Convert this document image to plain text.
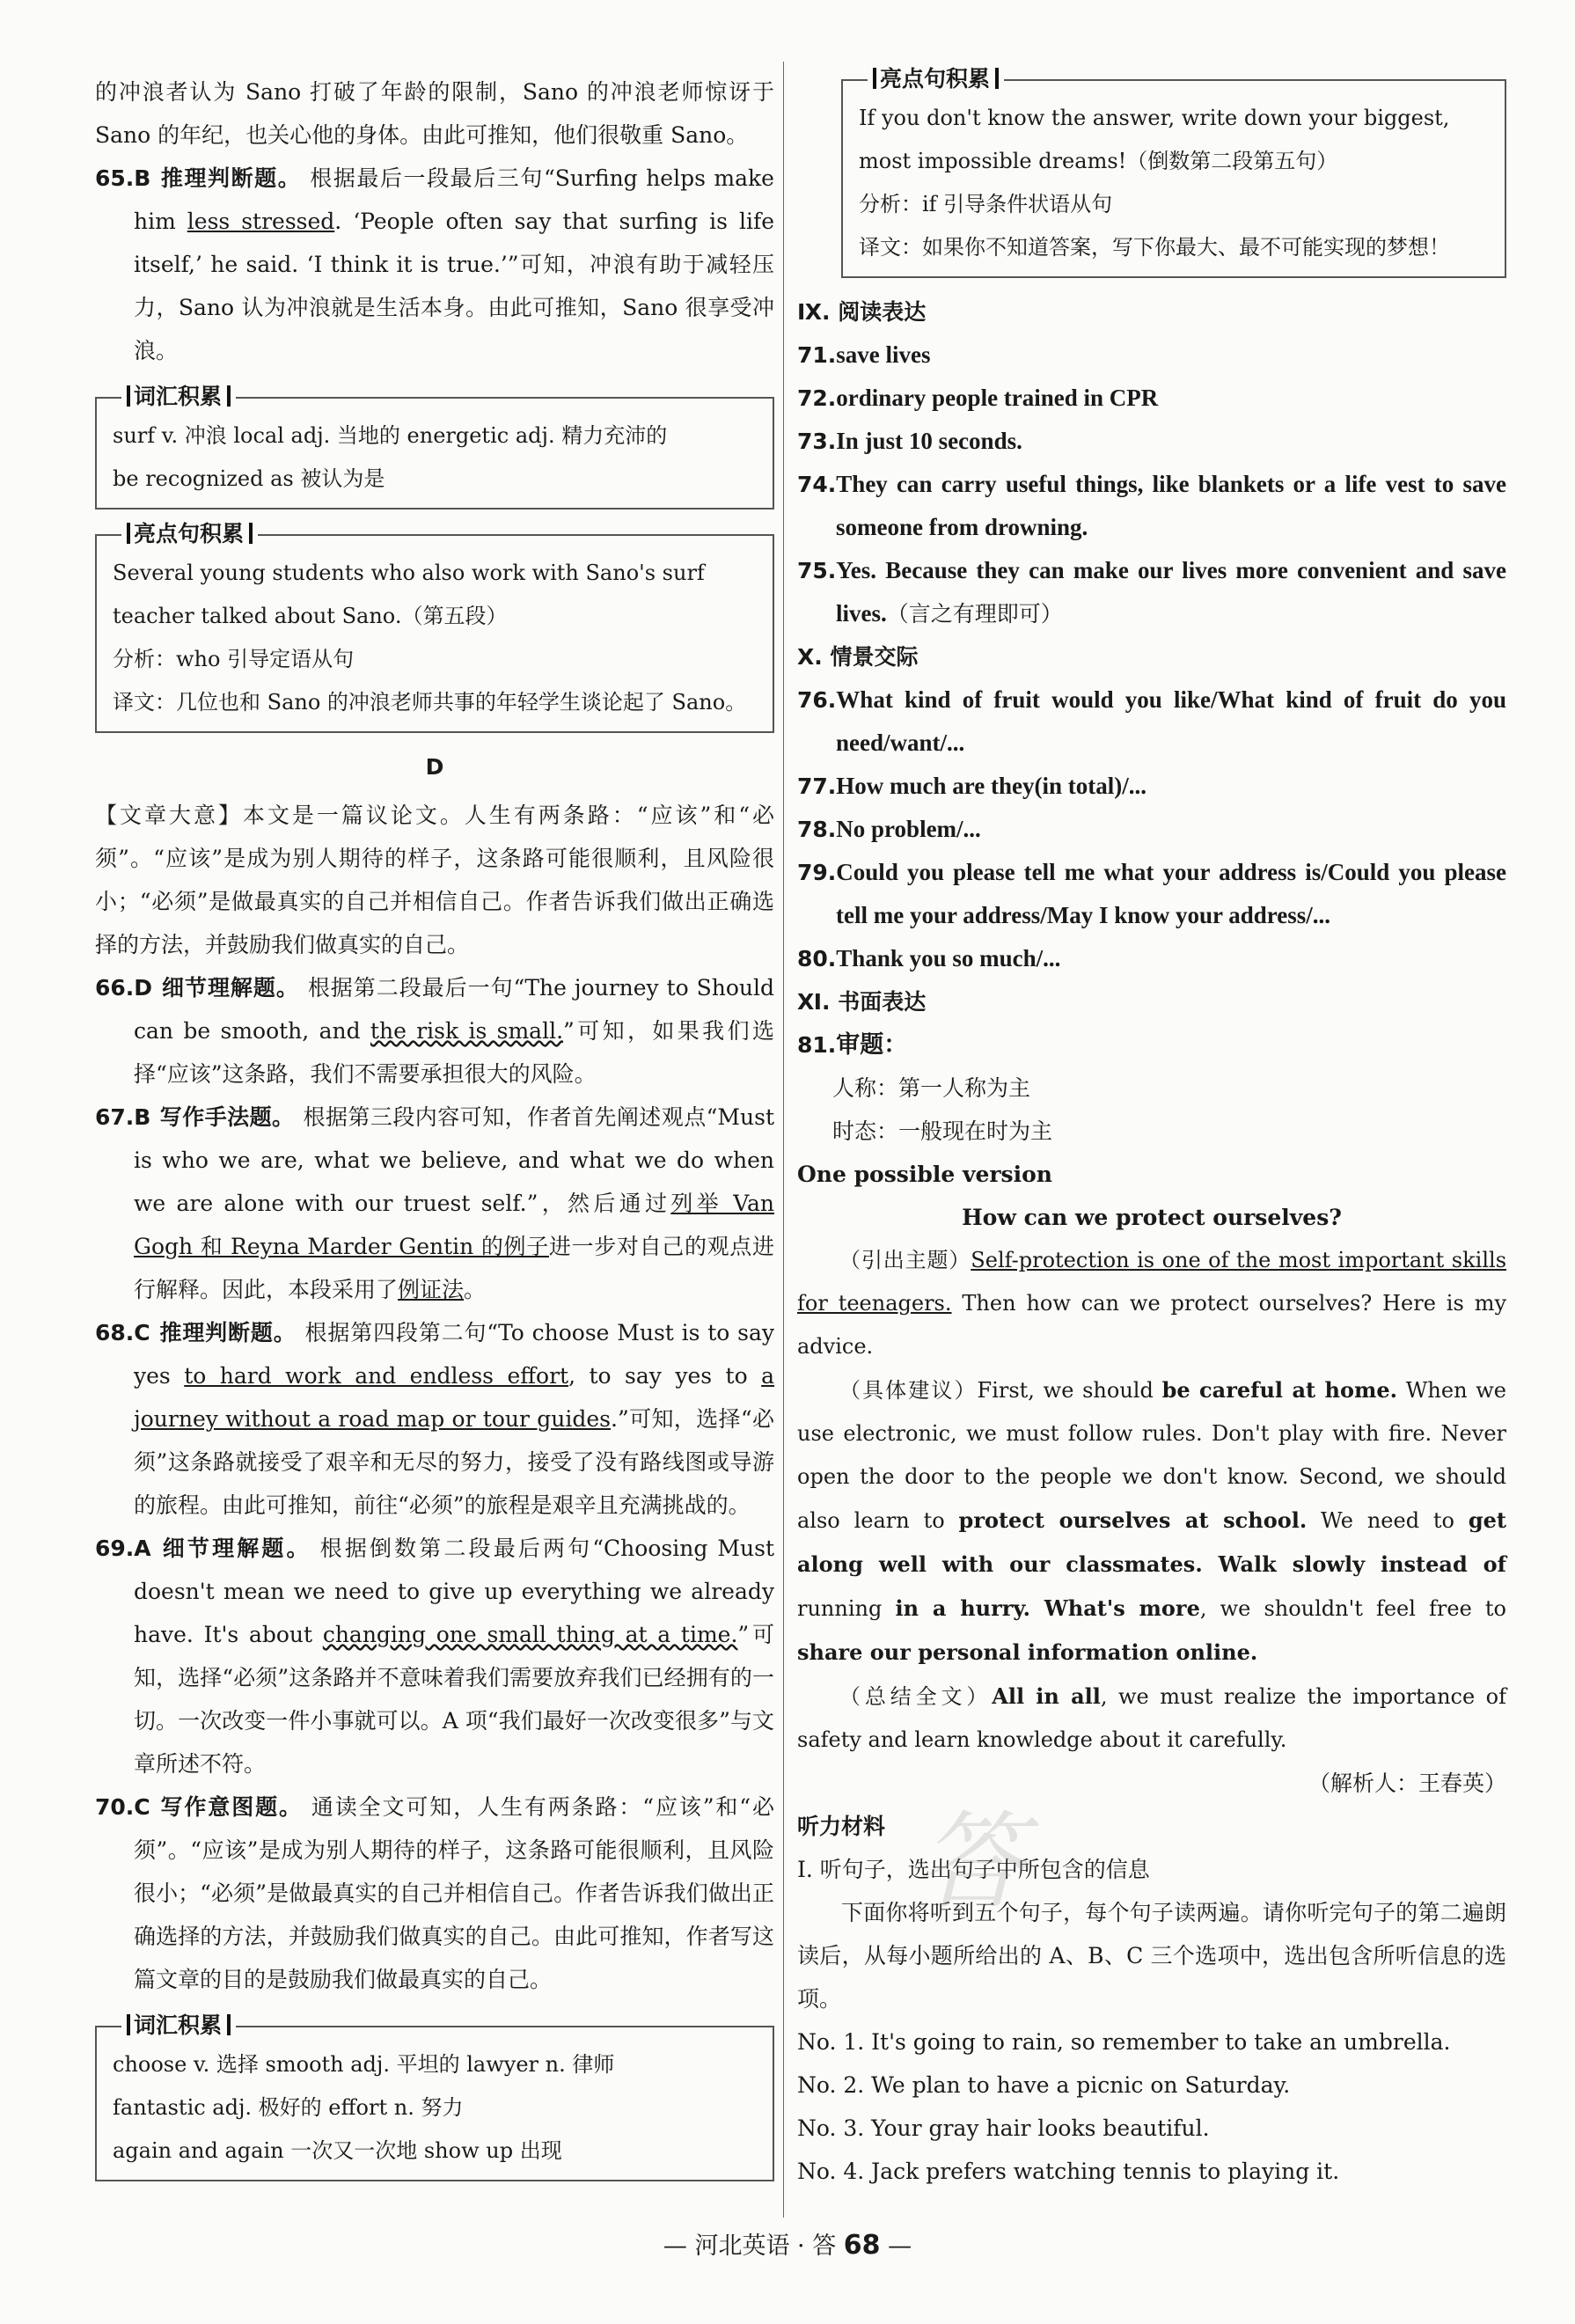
的冲浪者认为 Sano 打破了年龄的限制，Sano 的冲浪老师惊讶于 Sano 的年纪，也关心他的身体。由此可推知，他们很敬重 Sano。

65.B 推理判断题。 根据最后一段最后三句“Surfing helps make him less stressed. ‘People often say that surfing is life itself,’ he said. ‘I think it is true.’”可知，冲浪有助于减轻压力，Sano 认为冲浪就是生活本身。由此可推知，Sano 很享受冲浪。

词汇积累
surf v. 冲浪 local adj. 当地的 energetic adj. 精力充沛的
be recognized as 被认为是
亮点句积累
Several young students who also work with Sano's surf teacher talked about Sano.（第五段）
分析：who 引导定语从句
译文：几位也和 Sano 的冲浪老师共事的年轻学生谈论起了 Sano。
D

【文章大意】本文是一篇议论文。人生有两条路：“应该”和“必须”。“应该”是成为别人期待的样子，这条路可能很顺利，且风险很小；“必须”是做最真实的自己并相信自己。作者告诉我们做出正确选择的方法，并鼓励我们做真实的自己。

66.D 细节理解题。 根据第二段最后一句“The journey to Should can be smooth, and the risk is small.”可知，如果我们选择“应该”这条路，我们不需要承担很大的风险。

67.B 写作手法题。 根据第三段内容可知，作者首先阐述观点“Must is who we are, what we believe, and what we do when we are alone with our truest self.”，然后通过列举 Van Gogh 和 Reyna Marder Gentin 的例子进一步对自己的观点进行解释。因此，本段采用了例证法。

68.C 推理判断题。 根据第四段第二句“To choose Must is to say yes to hard work and endless effort, to say yes to a journey without a road map or tour guides.”可知，选择“必须”这条路就接受了艰辛和无尽的努力，接受了没有路线图或导游的旅程。由此可推知，前往“必须”的旅程是艰辛且充满挑战的。

69.A 细节理解题。 根据倒数第二段最后两句“Choosing Must doesn't mean we need to give up everything we already have. It's about changing one small thing at a time.”可知，选择“必须”这条路并不意味着我们需要放弃我们已经拥有的一切。一次改变一件小事就可以。A 项“我们最好一次改变很多”与文章所述不符。

70.C 写作意图题。 通读全文可知，人生有两条路：“应该”和“必须”。“应该”是成为别人期待的样子，这条路可能很顺利，且风险很小；“必须”是做最真实的自己并相信自己。作者告诉我们做出正确选择的方法，并鼓励我们做真实的自己。由此可推知，作者写这篇文章的目的是鼓励我们做最真实的自己。

词汇积累
choose v. 选择 smooth adj. 平坦的 lawyer n. 律师
fantastic adj. 极好的 effort n. 努力
again and again 一次又一次地 show up 出现
亮点句积累
If you don't know the answer, write down your biggest, most impossible dreams!（倒数第二段第五句）
分析：if 引导条件状语从句
译文：如果你不知道答案，写下你最大、最不可能实现的梦想！
Ⅸ. 阅读表达

71.save lives

72.ordinary people trained in CPR

73.In just 10 seconds.

74.They can carry useful things, like blankets or a life vest to save someone from drowning.

75.Yes. Because they can make our lives more convenient and save lives.（言之有理即可）

Ⅹ. 情景交际

76.What kind of fruit would you like/What kind of fruit do you need/want/...

77.How much are they(in total)/...

78.No problem/...

79.Could you please tell me what your address is/Could you please tell me your address/May I know your address/...

80.Thank you so much/...

Ⅺ. 书面表达

81.审题：

人称：第一人称为主

时态：一般现在时为主

One possible version

How can we protect ourselves?

（引出主题）Self-protection is one of the most important skills for teenagers. Then how can we protect ourselves? Here is my advice.

（具体建议）First, we should be careful at home. When we use electronic, we must follow rules. Don't play with fire. Never open the door to the people we don't know. Second, we should also learn to protect ourselves at school. We need to get along well with our classmates. Walk slowly instead of running in a hurry. What's more, we shouldn't feel free to share our personal information online.

（总结全文）All in all, we must realize the importance of safety and learn knowledge about it carefully.

（解析人：王春英）

听力材料

Ⅰ. 听句子，选出句子中所包含的信息

下面你将听到五个句子，每个句子读两遍。请你听完句子的第二遍朗读后，从每小题所给出的 A、B、C 三个选项中，选出包含所听信息的选项。

No. 1. It's going to rain, so remember to take an umbrella.

No. 2. We plan to have a picnic on Saturday.

No. 3. Your gray hair looks beautiful.

No. 4. Jack prefers watching tennis to playing it.

答
— 河北英语 · 答 68 —
